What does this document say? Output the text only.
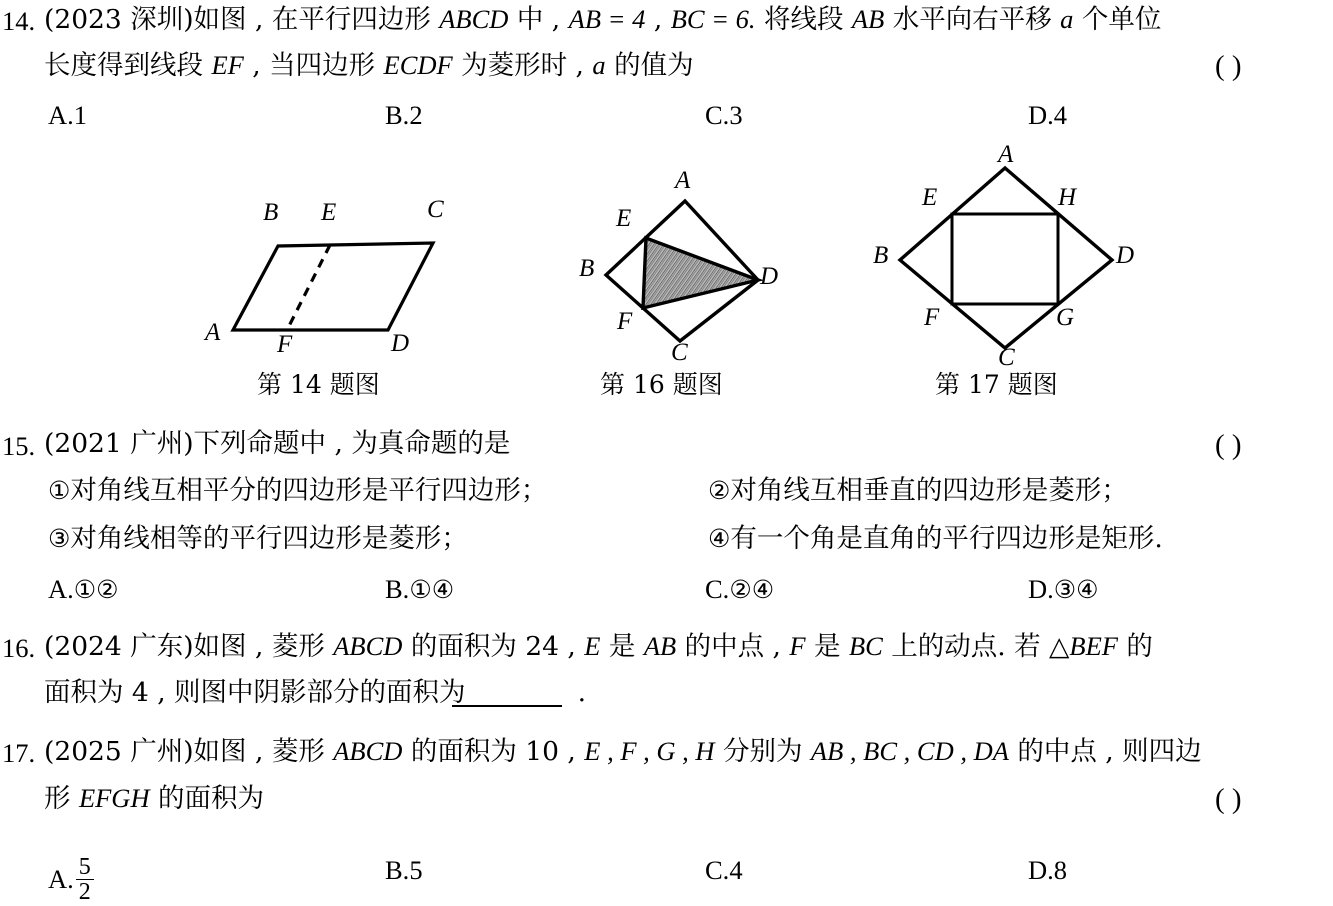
14. (2023 深圳)如图 , 在平行四边形 ABCD 中 , AB = 4 , BC = 6. 将线段 AB 水平向右平移 a 个单位
长度得到线段 EF , 当四边形 ECDF 为菱形时 , a 的值为	( )
A.1	B.2	C.3	D.4
B E	C
A F	D
第 14 题图
A
E
B	D
F
C
第 16 题图
A
E	H
B	D
F	G
C
第 17 题图
15. (2021 广州)下列命题中 , 为真命题的是	( )
①对角线互相平分的四边形是平行四边形；	②对角线互相垂直的四边形是菱形；
③对角线相等的平行四边形是菱形；	④有一个角是直角的平行四边形是矩形.
A.①②	B.①④	C.②④	D.③④
16. (2024 广东)如图 , 菱形 ABCD 的面积为 24 , E 是 AB 的中点 , F 是 BC 上的动点. 若 △BEF 的
面积为 4 , 则图中阴影部分的面积为	.
17. (2025 广州)如图 , 菱形 ABCD 的面积为 10 , E , F , G , H 分别为 AB , BC , CD , DA 的中点 , 则四边
形 EFGH 的面积为	( )
A. $\frac{5}{2}$	B.5	C.4	D.8
